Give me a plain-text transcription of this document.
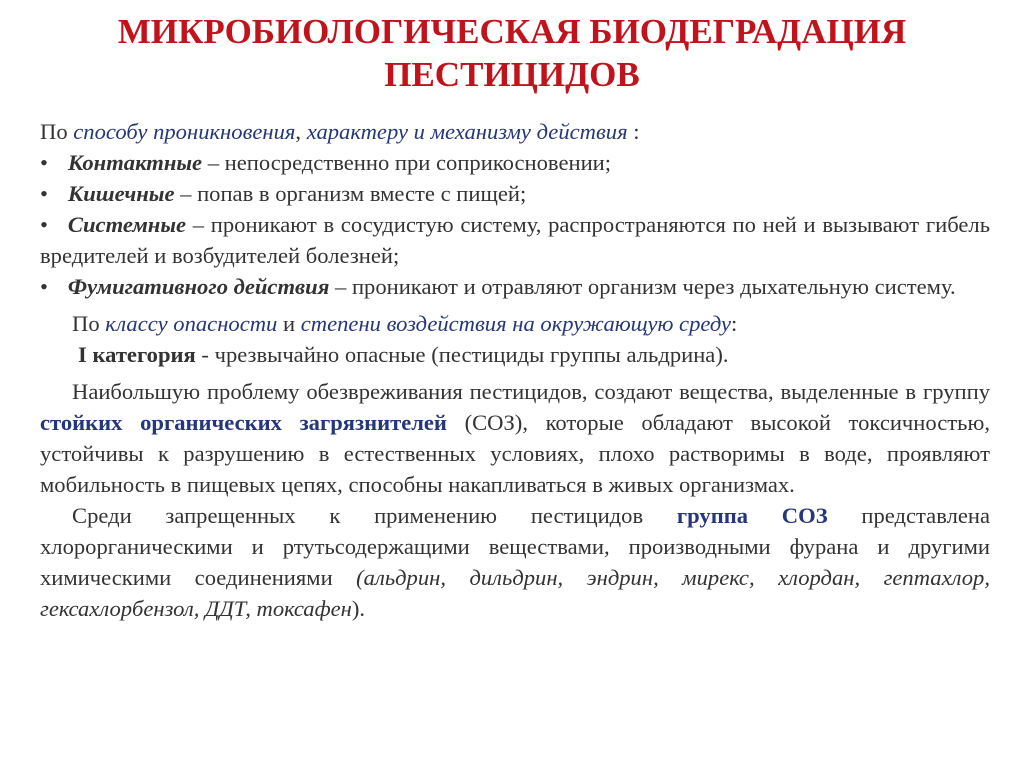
МИКРОБИОЛОГИЧЕСКАЯ БИОДЕГРАДАЦИЯ
ПЕСТИЦИДОВ

По способу проникновения, характеру и механизму действия :

• Контактные – непосредственно при соприкосновении;

• Кишечные – попав в организм вместе с пищей;

• Системные – проникают в сосудистую систему, распространяются по ней и вызывают гибель вредителей и возбудителей болезней;

• Фумигативного действия – проникают и отравляют организм через дыхательную систему.

По классу опасности и степени воздействия на окружающую среду:

I категория - чрезвычайно опасные (пестициды группы альдрина).

Наибольшую проблему обезвреживания пестицидов, создают вещества, выделенные в группу стойких органических загрязнителей (СОЗ), которые обладают высокой токсичностью, устойчивы к разрушению в естественных условиях, плохо растворимы в воде, проявляют мобильность в пищевых цепях, способны накапливаться в живых организмах.

Среди запрещенных к применению пестицидов группа СОЗ представлена хлорорганическими и ртутьсодержащими веществами, производными фурана и другими химическими соединениями (альдрин, дильдрин, эндрин, мирекс, хлордан, гептахлор, гексахлорбензол, ДДТ, токсафен).
